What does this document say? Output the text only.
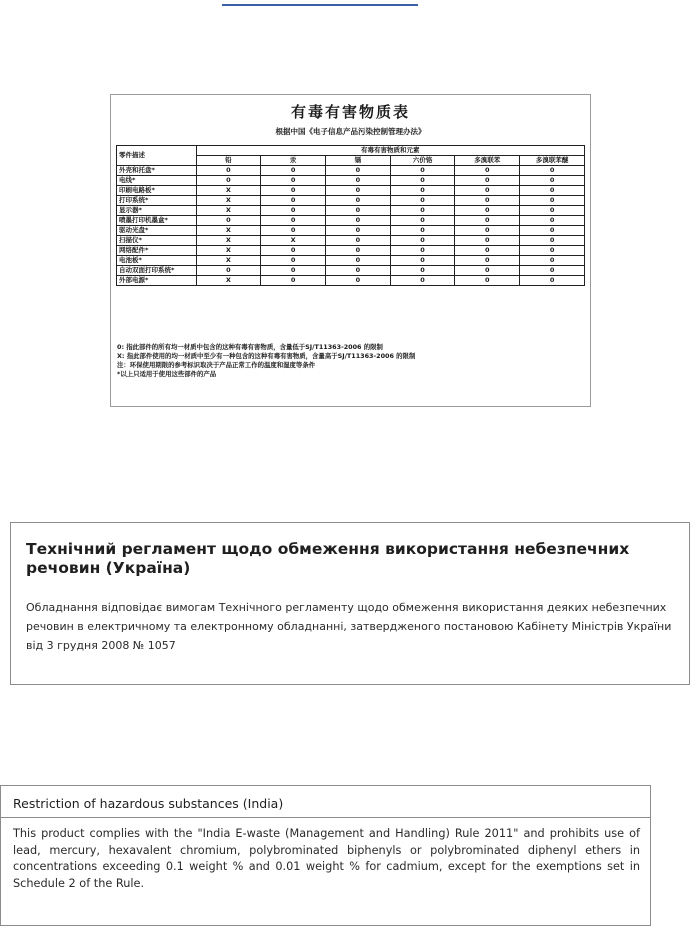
有毒有害物质表
根据中国《电子信息产品污染控制管理办法》
零件描述	有毒有害物质和元素					
	铅	汞	镉	六价铬	多溴联苯	多溴联苯醚
外壳和托盘*	0	0	0	0	0	0
电线*	0	0	0	0	0	0
印刷电路板*	X	0	0	0	0	0
打印系统*	X	0	0	0	0	0
显示器*	X	0	0	0	0	0
喷墨打印机墨盒*	0	0	0	0	0	0
驱动光盘*	X	0	0	0	0	0
扫描仪*	X	X	0	0	0	0
网络配件*	X	0	0	0	0	0
电池板*	X	0	0	0	0	0
自动双面打印系统*	0	0	0	0	0	0
外部电源*	X	0	0	0	0	0
0: 指此部件的所有均一材质中包含的这种有毒有害物质，含量低于SJ/T11363-2006 的限制
X: 指此部件使用的均一材质中至少有一种包含的这种有毒有害物质，含量高于SJ/T11363-2006 的限制
注：环保使用期限的参考标识取决于产品正常工作的温度和湿度等条件
*以上只适用于使用这些部件的产品
Технічний регламент щодо обмеження використання небезпечних речовин (Україна)
Обладнання відповідає вимогам Технічного регламенту щодо обмеження використання деяких небезпечних речовин в електричному та електронному обладнанні, затвердженого постановою Кабінету Міністрів України від 3 грудня 2008 № 1057
Restriction of hazardous substances (India)
This product complies with the "India E-waste (Management and Handling) Rule 2011" and prohibits use of lead, mercury, hexavalent chromium, polybrominated biphenyls or polybrominated diphenyl ethers in concentrations exceeding 0.1 weight % and 0.01 weight % for cadmium, except for the exemptions set in Schedule 2 of the Rule.
